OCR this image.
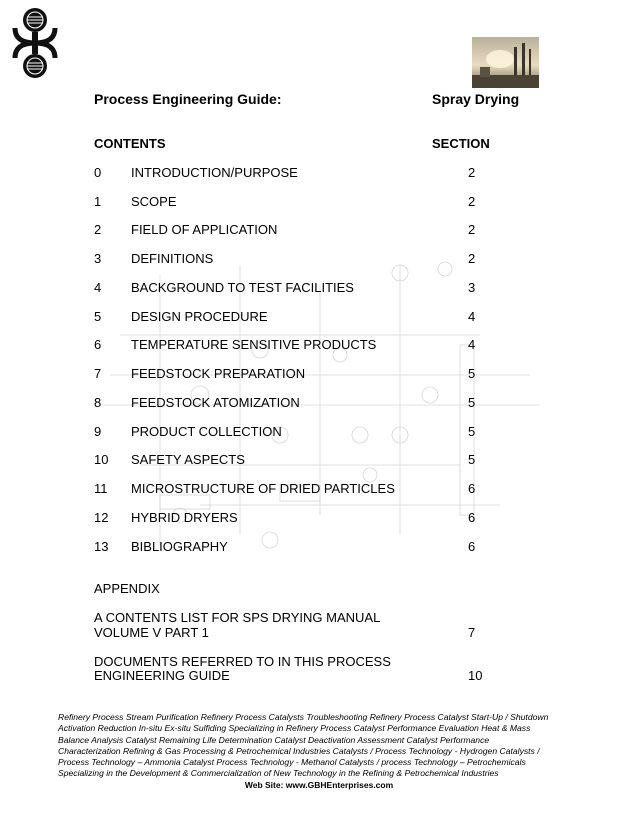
Process Engineering Guide:	Spray Drying
CONTENTS	SECTION
0 INTRODUCTION/PURPOSE	2
1 SCOPE	2
2 FIELD OF APPLICATION	2
3 DEFINITIONS	2
4 BACKGROUND TO TEST FACILITIES	3
5 DESIGN PROCEDURE	4
6 TEMPERATURE SENSITIVE PRODUCTS	4
7 FEEDSTOCK PREPARATION	5
8 FEEDSTOCK ATOMIZATION	5
9 PRODUCT COLLECTION	5
10 SAFETY ASPECTS	5
11 MICROSTRUCTURE OF DRIED PARTICLES	6
12 HYBRID DRYERS	6
13 BIBLIOGRAPHY	6
APPENDIX
A CONTENTS LIST FOR SPS DRYING MANUAL
VOLUME V PART 1	7
DOCUMENTS REFERRED TO IN THIS PROCESS
ENGINEERING GUIDE	10
Refinery Process Stream Purification Refinery Process Catalysts Troubleshooting Refinery Process Catalyst Start-Up / Shutdown
Activation Reduction In-situ Ex-situ Sulfiding Specializing in Refinery Process Catalyst Performance Evaluation Heat & Mass
Balance Analysis Catalyst Remaining Life Determination Catalyst Deactivation Assessment Catalyst Performance
Characterization Refining & Gas Processing & Petrochemical Industries Catalysts / Process Technology - Hydrogen Catalysts /
Process Technology – Ammonia Catalyst Process Technology - Methanol Catalysts / process Technology – Petrochemicals
Specializing in the Development & Commercialization of New Technology in the Refining & Petrochemical Industries
Web Site: www.GBHEnterprises.com
